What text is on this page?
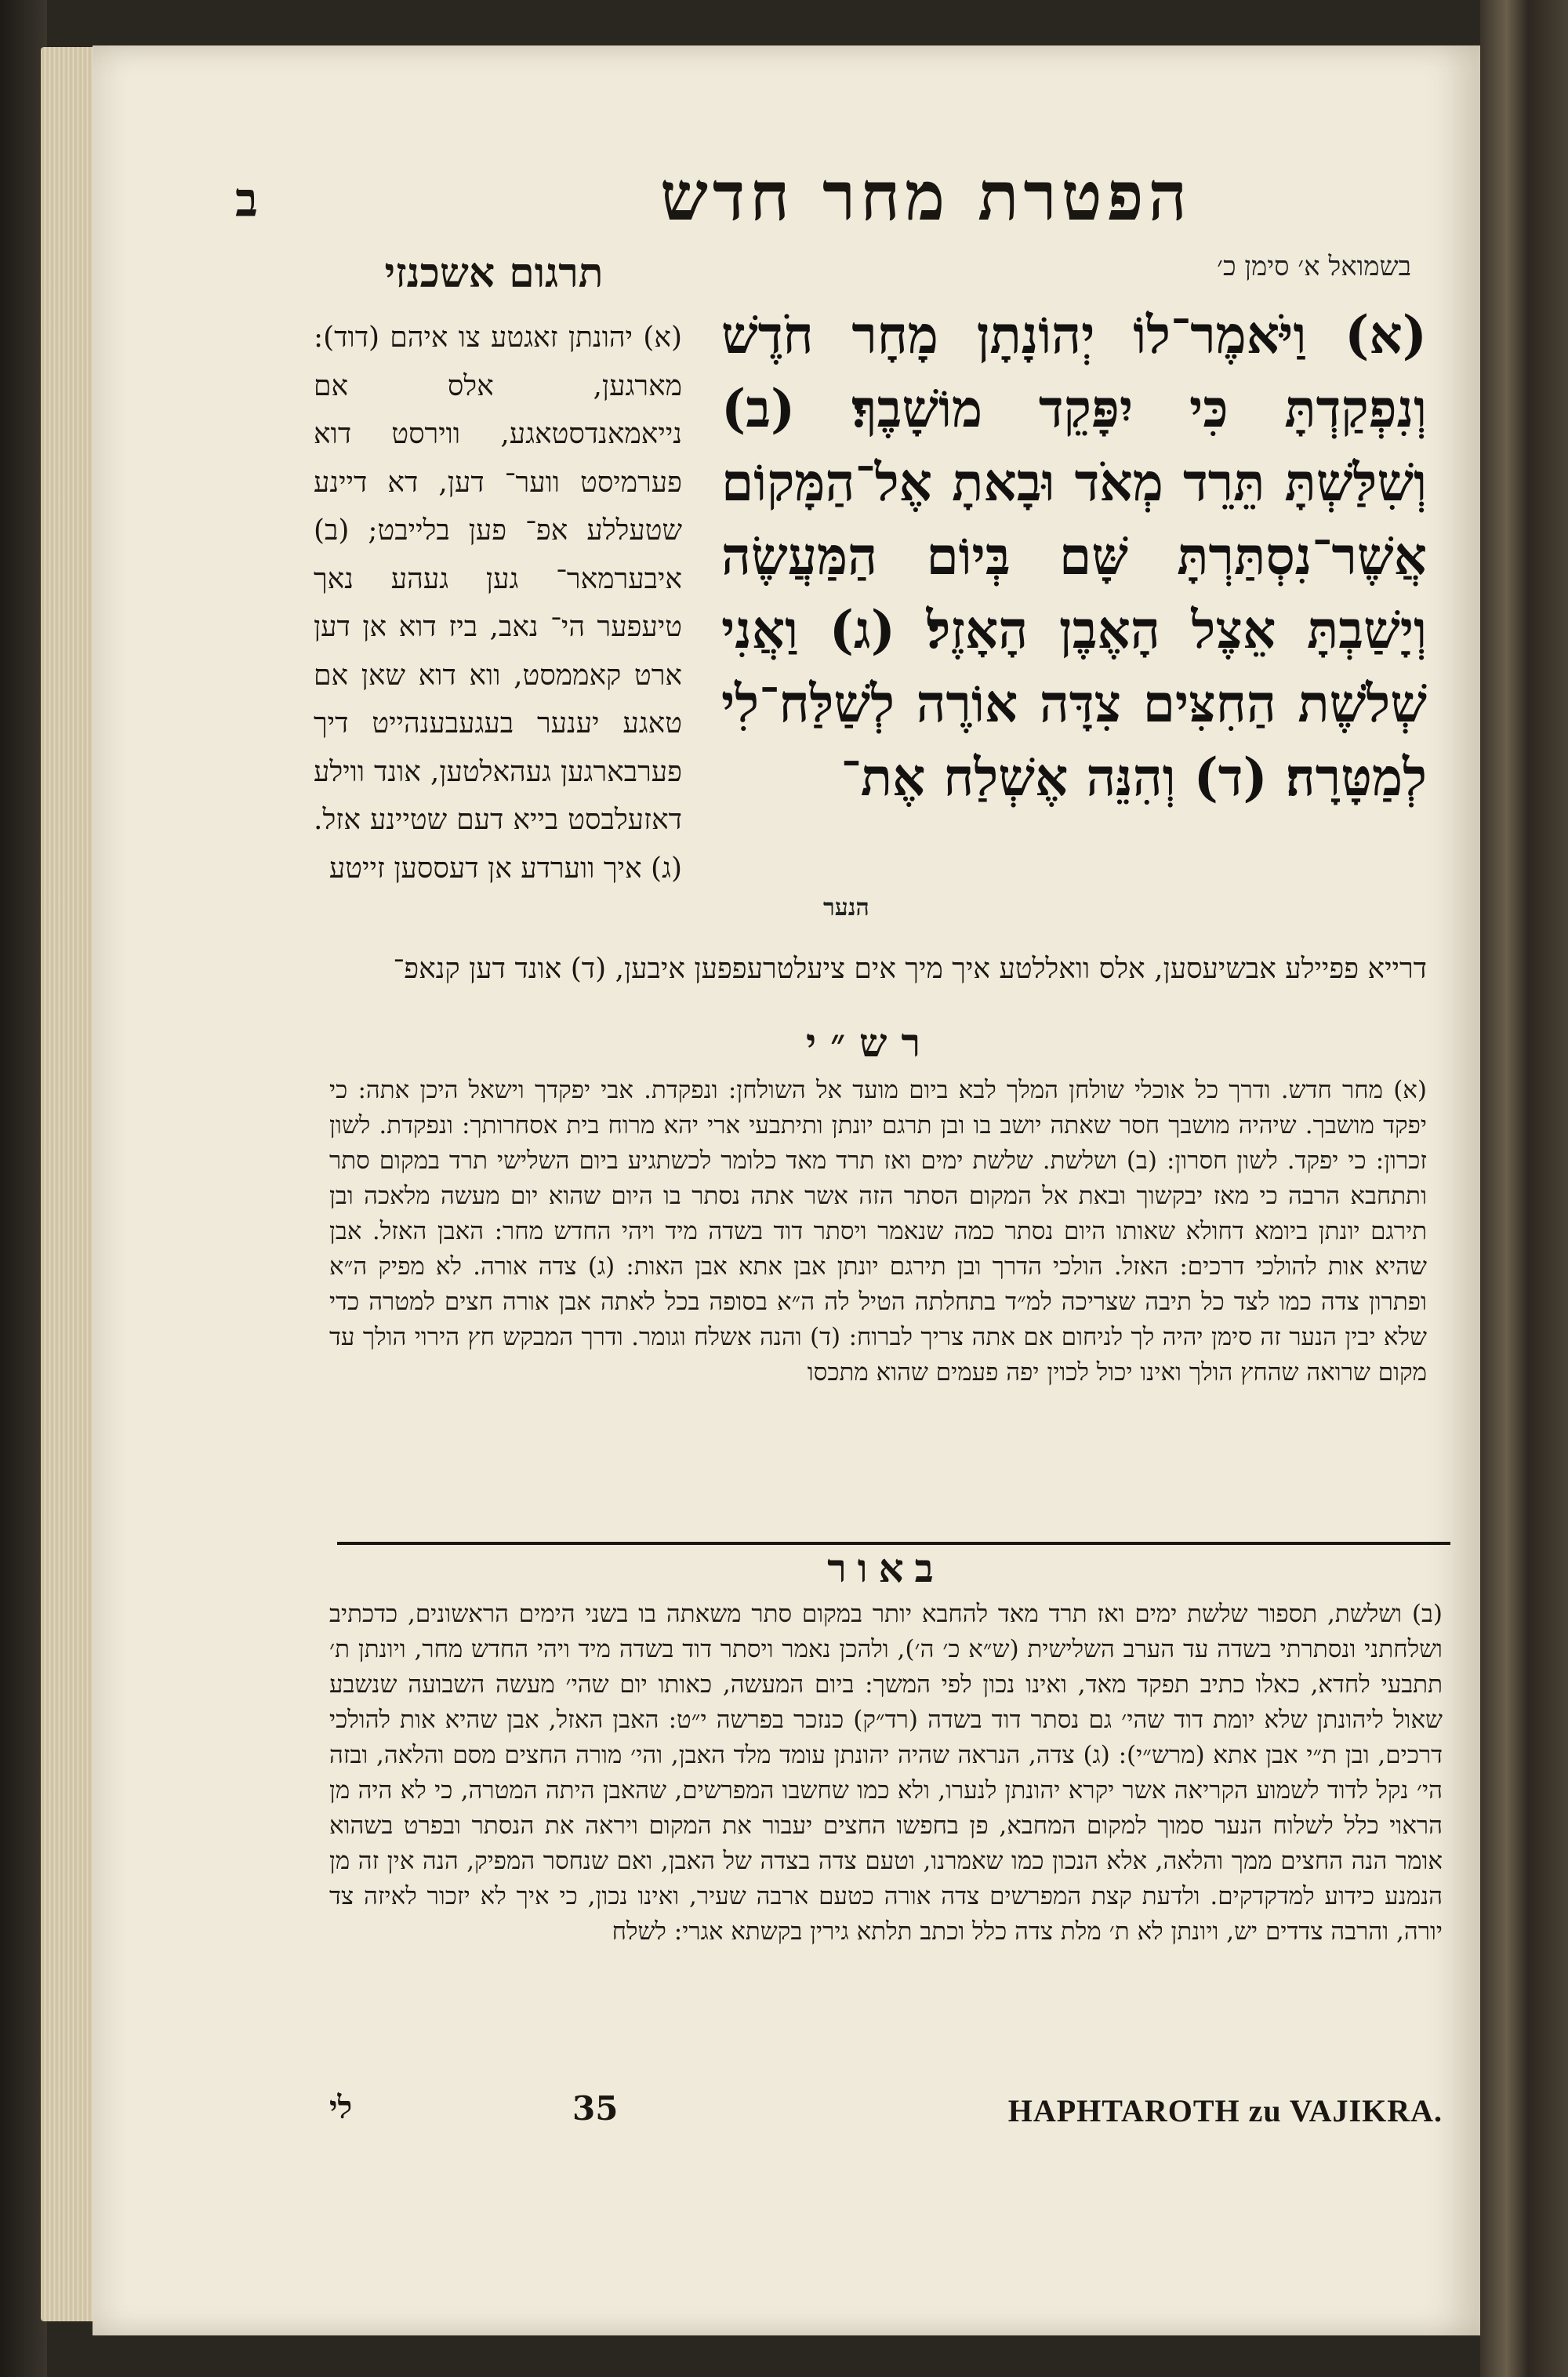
הפטרת מחר חדש
ב
בשמואל א׳ סימן כ׳
תרגום אשכנזי
(א) וַיֹּאמֶר־לוֹ יְהוֹנָתָן מָחָר חֹדֶשׁ וְנִפְקַדְתָּ כִּי יִפָּקֵד מוֹשָׁבֶךָ׃ (ב) וְשִׁלַּשְׁתָּ תֵּרֵד מְאֹד וּבָאתָ אֶל־הַמָּקוֹם אֲשֶׁר־נִסְתַּרְתָּ שָּׁם בְּיוֹם הַמַּעֲשֶׂה וְיָשַׁבְתָּ אֵצֶל הָאֶבֶן הָאָזֶל׃ (ג) וַאֲנִי שְׁלֹשֶׁת הַחִצִּים צִדָּה אוֹרֶה לְשַׁלַּח־לִי לְמַטָּרָה׃ (ד) וְהִנֵּה אֶשְׁלַח אֶת־
הנער
(א) יהונתן זאגטע צו איהם (דוד): מארגען, אלס אם נייאמאנדסטאגע, ווירסט דוא פערמיסט ווער־ דען, דא דיינע שטעללע אפ־ פען בלייבט; (ב) איבערמאר־ גען געהע נאך טיעפער הי־ נאב, ביז דוא אן דען ארט קאממסט, ווא דוא שאן אם טאגע יענער בעגעבענהייט דיך פערבארגען געהאלטען, אונד ווילע דאזעלבסט בייא דעם שטיינע אזל. (ג) איך ווערדע אן דעססען זייטע
דרייא פפיילע אבשיעסען, אלס וואללטע איך מיך אים ציעלטרעפפען איבען, (ד) אונד דען קנאפ־
רש״י
(א) מחר חדש. ודרך כל אוכלי שולחן המלך לבא ביום מועד אל השולחן: ונפקדת. אבי יפקדך וישאל היכן אתה: כי יפקד מושבך. שיהיה מושבך חסר שאתה יושב בו ובן תרגם יונתן ותיתבעי ארי יהא מרוח בית אסחרותך: ונפקדת. לשון זכרון: כי יפקד. לשון חסרון: (ב) ושלשת. שלשת ימים ואז תרד מאד כלומר לכשתגיע ביום השלישי תרד במקום סתר ותתחבא הרבה כי מאז יבקשוך ובאת אל המקום הסתר הזה אשר אתה נסתר בו היום שהוא יום מעשה מלאכה ובן תירגם יונתן ביומא דחולא שאותו היום נסתר כמה שנאמר ויסתר דוד בשדה מיד ויהי החדש מחר: האבן האזל. אבן שהיא אות להולכי דרכים: האזל. הולכי הדרך ובן תירגם יונתן אבן אתא אבן האות: (ג) צדה אורה. לא מפיק ה״א ופתרון צדה כמו לצד כל תיבה שצריכה למ״ד בתחלתה הטיל לה ה״א בסופה בכל לאתה אבן אורה חצים למטרה כדי שלא יבין הנער זה סימן יהיה לך לניחום אם אתה צריך לברוח: (ד) והנה אשלח וגומר. ודרך המבקש חץ הירוי הולך עד מקום שרואה שהחץ הולך ואינו יכול לכוין יפה פעמים שהוא מתכסו
באור
(ב) ושלשת, תספור שלשת ימים ואז תרד מאד להחבא יותר במקום סתר משאתה בו בשני הימים הראשונים, כדכתיב ושלחתני ונסתרתי בשדה עד הערב השלישית (ש״א כ׳ ה׳), ולהכן נאמר ויסתר דוד בשדה מיד ויהי החדש מחר, ויונתן ת׳ תתבעי לחדא, כאלו כתיב תפקד מאד, ואינו נכון לפי המשך: ביום המעשה, כאותו יום שהי׳ מעשה השבועה שנשבע שאול ליהונתן שלא יומת דוד שהי׳ גם נסתר דוד בשדה (רד״ק) כנזכר בפרשה י״ט: האבן האזל, אבן שהיא אות להולכי דרכים, ובן ת״י אבן אתא (מרש״י): (ג) צדה, הנראה שהיה יהונתן עומד מלד האבן, והי׳ מורה החצים מסם והלאה, ובזה הי׳ נקל לדוד לשמוע הקריאה אשר יקרא יהונתן לנערו, ולא כמו שחשבו המפרשים, שהאבן היתה המטרה, כי לא היה מן הראוי כלל לשלוח הנער סמוך למקום המחבא, פן בחפשו החצים יעבור את המקום ויראה את הנסתר ובפרט בשהוא אומר הנה החצים ממך והלאה, אלא הנכון כמו שאמרנו, וטעם צדה בצדה של האבן, ואם שנחסר המפיק, הנה אין זה מן הנמנע כידוע למדקדקים. ולדעת קצת המפרשים צדה אורה כטעם ארבה שעיר, ואינו נכון, כי איך לא יזכור לאיזה צד יורה, והרבה צדדים יש, ויונתן לא ת׳ מלת צדה כלל וכתב תלתא גירין בקשתא אגרי: לשלח
לי	35	HAPHTAROTH zu VAJIKRA.
